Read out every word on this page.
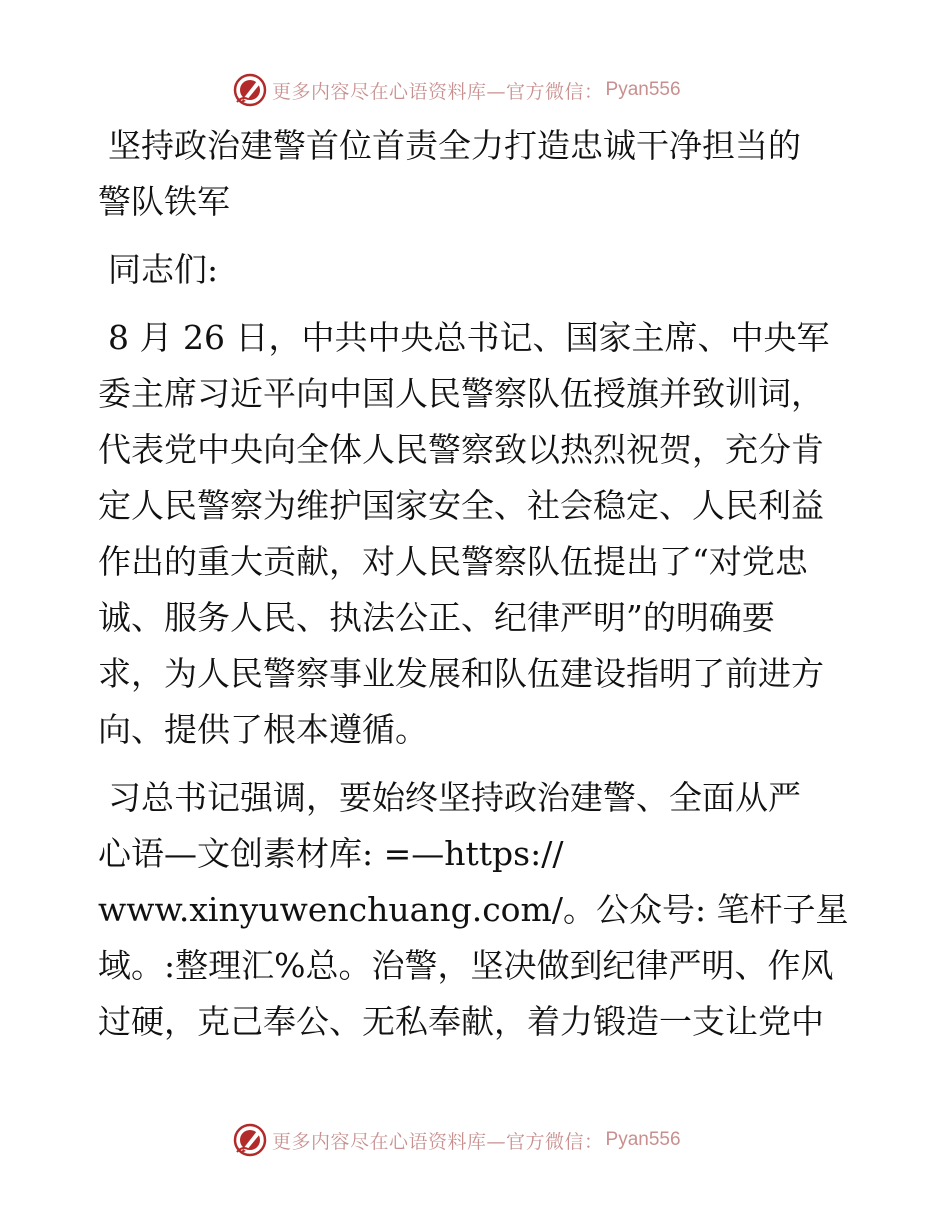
更多内容尽在心语资料库—官方微信： Pyan556
坚持政治建警首位首责全力打造忠诚干净担当的
警队铁军
同志们:
8 月 26 日，中共中央总书记、国家主席、中央军
委主席习近平向中国人民警察队伍授旗并致训词，
代表党中央向全体人民警察致以热烈祝贺，充分肯
定人民警察为维护国家安全、社会稳定、人民利益
作出的重大贡献，对人民警察队伍提出了“对党忠
诚、服务人民、执法公正、纪律严明”的明确要
求，为人民警察事业发展和队伍建设指明了前进方
向、提供了根本遵循。
习总书记强调，要始终坚持政治建警、全面从严
心语—文创素材库: =—https://
www.xinyuwenchuang.com/。公众号: 笔杆子星
域。:整理汇%总。治警，坚决做到纪律严明、作风
过硬，克己奉公、无私奉献，着力锻造一支让党中
更多内容尽在心语资料库—官方微信： Pyan556
